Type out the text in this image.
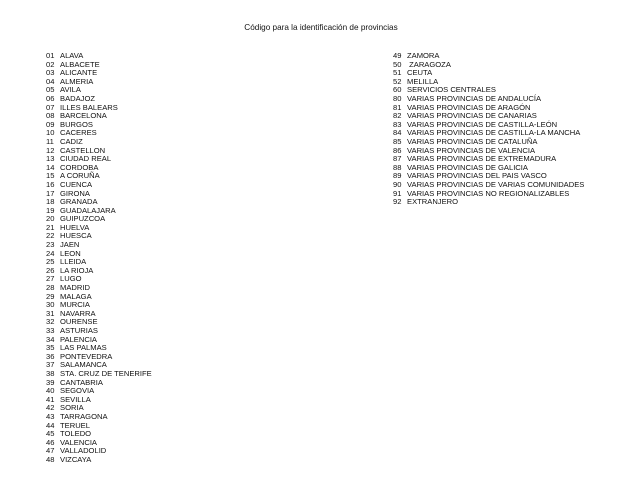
Código para la identificación de provincias
01 ALAVA
02 ALBACETE
03 ALICANTE
04 ALMERIA
05 AVILA
06 BADAJOZ
07 ILLES BALEARS
08 BARCELONA
09 BURGOS
10 CACERES
11 CADIZ
12 CASTELLON
13 CIUDAD REAL
14 CORDOBA
15 A CORUÑA
16 CUENCA
17 GIRONA
18 GRANADA
19 GUADALAJARA
20 GUIPUZCOA
21 HUELVA
22 HUESCA
23 JAEN
24 LEON
25 LLEIDA
26 LA RIOJA
27 LUGO
28 MADRID
29 MALAGA
30 MURCIA
31 NAVARRA
32 OURENSE
33 ASTURIAS
34 PALENCIA
35 LAS PALMAS
36 PONTEVEDRA
37 SALAMANCA
38 STA. CRUZ DE TENERIFE
39 CANTABRIA
40 SEGOVIA
41 SEVILLA
42 SORIA
43 TARRAGONA
44 TERUEL
45 TOLEDO
46 VALENCIA
47 VALLADOLID
48 VIZCAYA
49 ZAMORA
50 ZARAGOZA
51 CEUTA
52 MELILLA
60 SERVICIOS CENTRALES
80 VARIAS PROVINCIAS DE ANDALUCÍA
81 VARIAS PROVINCIAS DE ARAGÓN
82 VARIAS PROVINCIAS DE CANARIAS
83 VARIAS PROVINCIAS DE CASTILLA-LEÓN
84 VARIAS PROVINCIAS DE CASTILLA-LA MANCHA
85 VARIAS PROVINCIAS DE CATALUÑA
86 VARIAS PROVINCIAS DE VALENCIA
87 VARIAS PROVINCIAS DE EXTREMADURA
88 VARIAS PROVINCIAS DE GALICIA
89 VARIAS PROVINCIAS DEL PAIS VASCO
90 VARIAS PROVINCIAS DE VARIAS COMUNIDADES
91 VARIAS PROVINCIAS NO REGIONALIZABLES
92 EXTRANJERO
